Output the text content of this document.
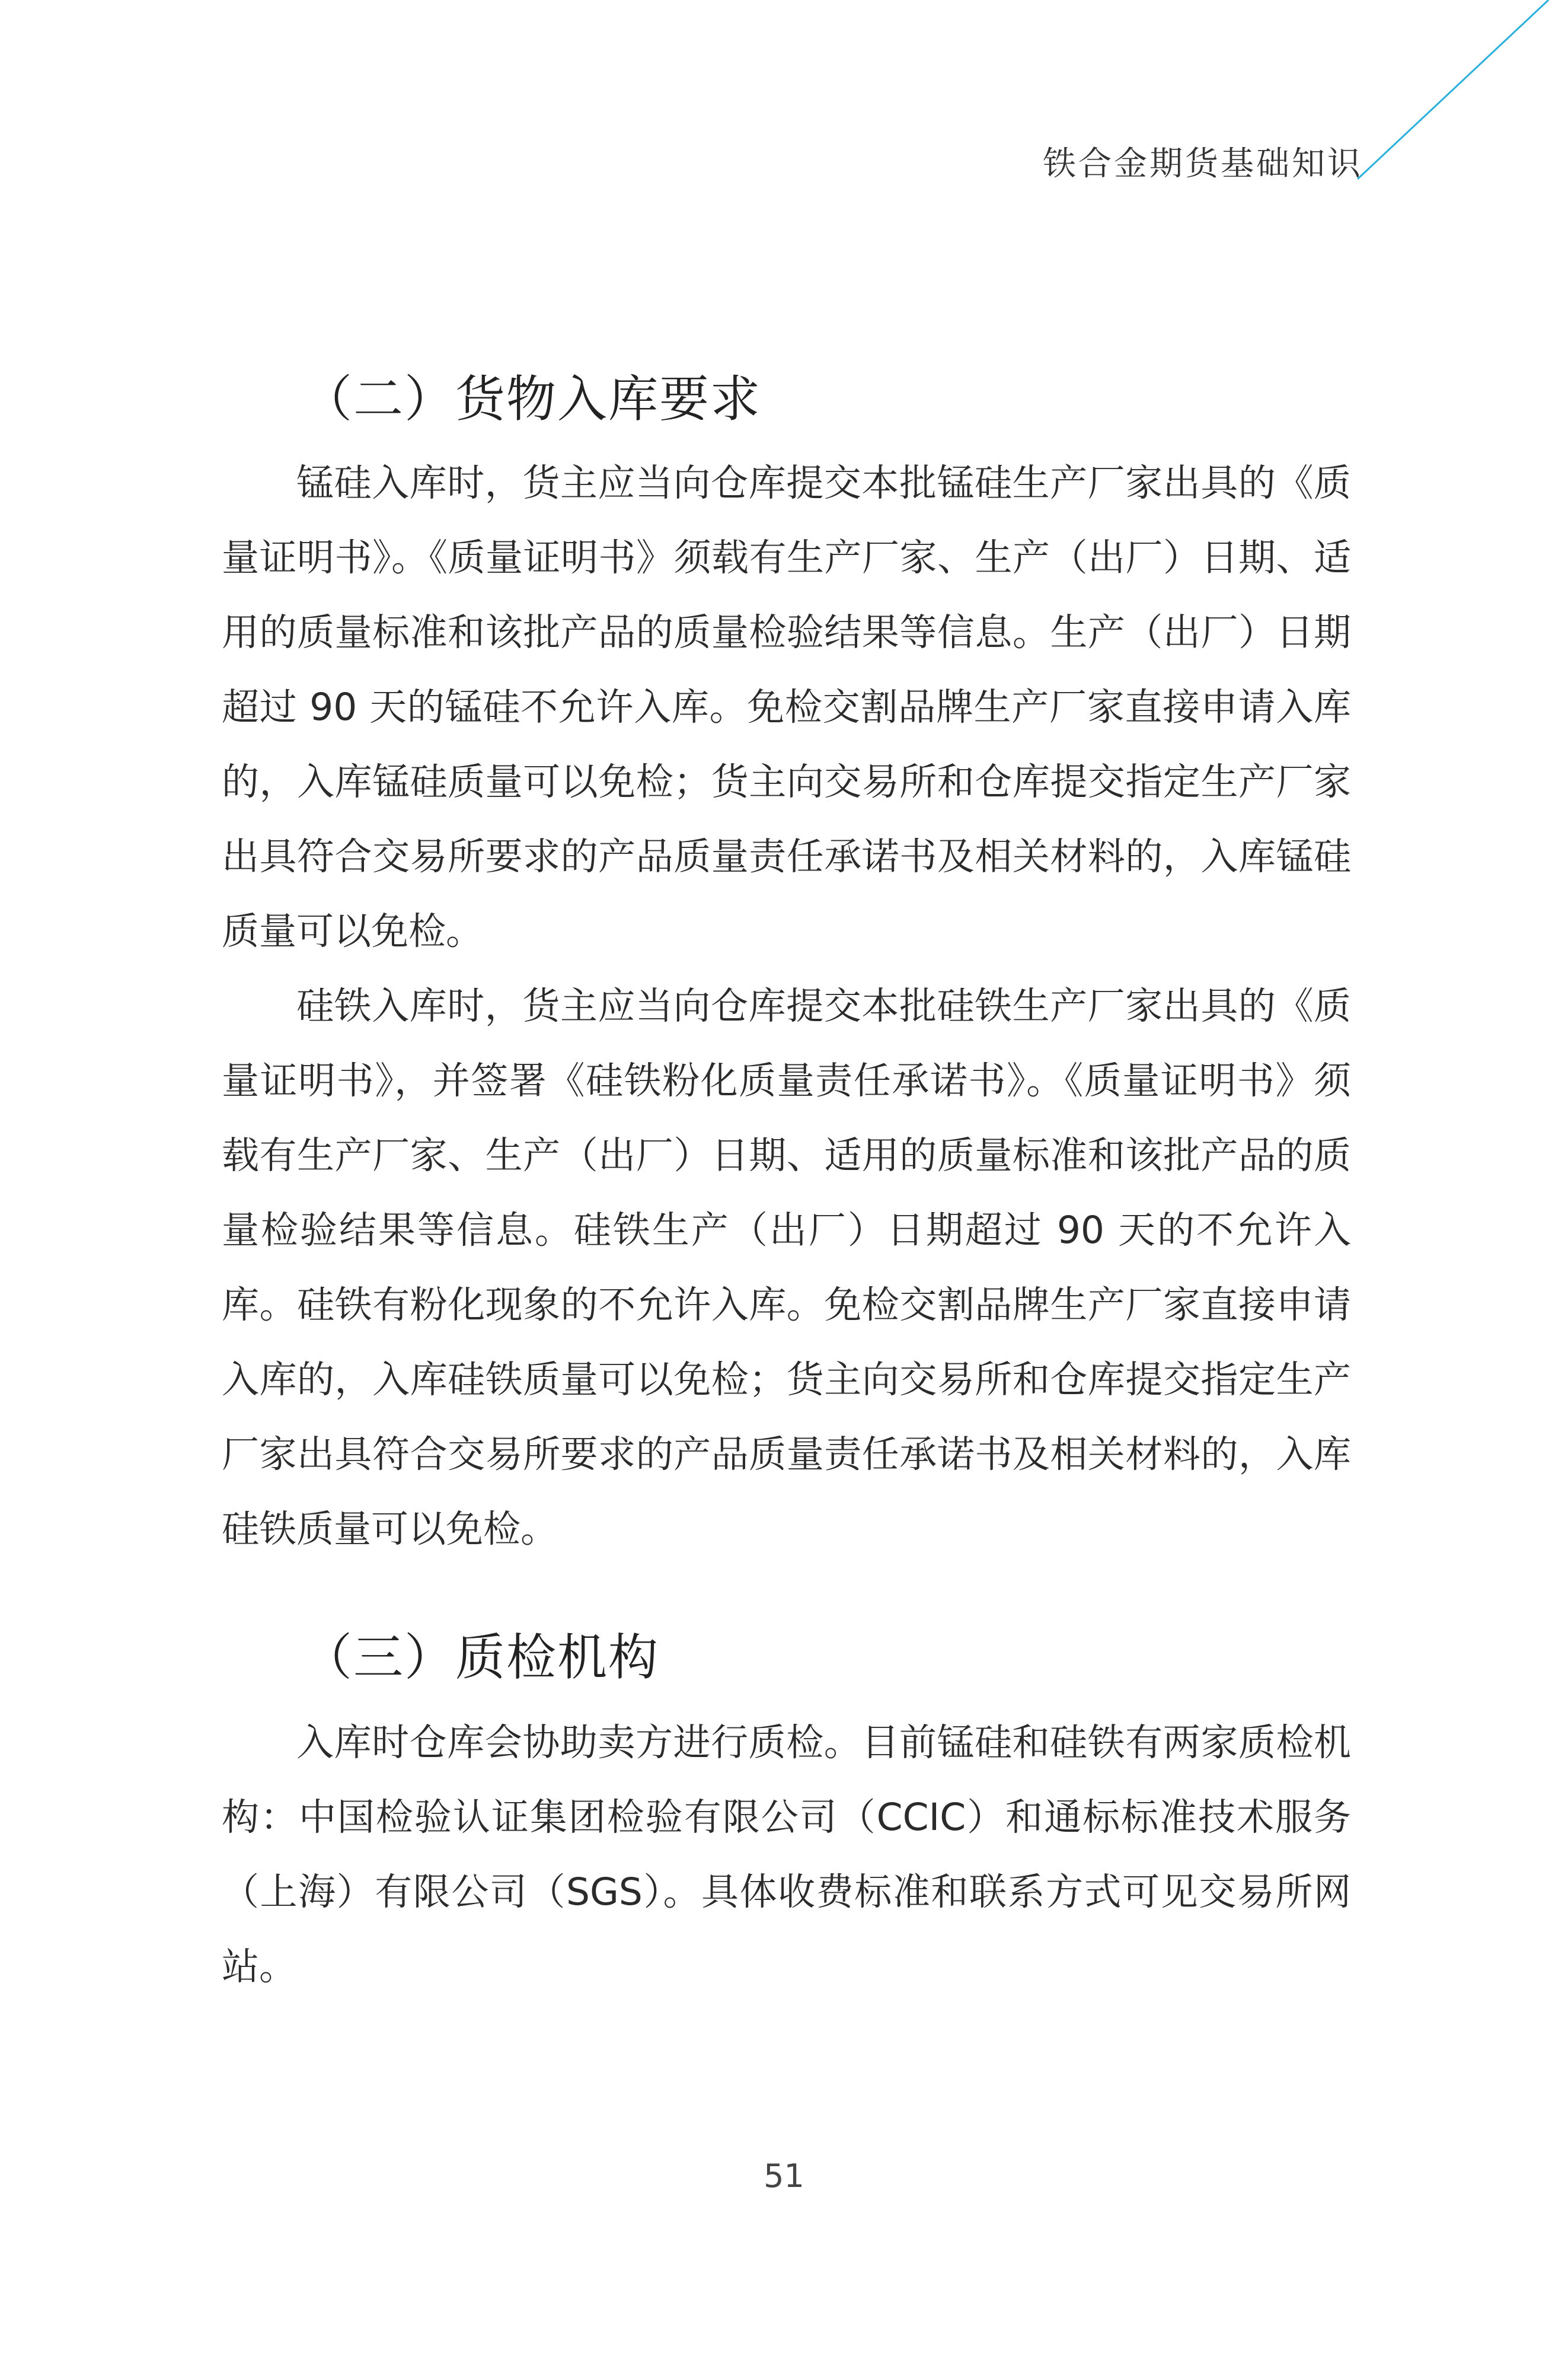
铁合金期货基础知识
（二）货物入库要求

锰硅入库时，货主应当向仓库提交本批锰硅生产厂家出具的《质量证明书》。《质量证明书》须载有生产厂家、生产（出厂）日期、适用的质量标准和该批产品的质量检验结果等信息。生产（出厂）日期超过 90 天的锰硅不允许入库。免检交割品牌生产厂家直接申请入库的，入库锰硅质量可以免检；货主向交易所和仓库提交指定生产厂家出具符合交易所要求的产品质量责任承诺书及相关材料的，入库锰硅质量可以免检。

硅铁入库时，货主应当向仓库提交本批硅铁生产厂家出具的《质量证明书》，并签署《硅铁粉化质量责任承诺书》。《质量证明书》须载有生产厂家、生产（出厂）日期、适用的质量标准和该批产品的质量检验结果等信息。硅铁生产（出厂）日期超过 90 天的不允许入库。硅铁有粉化现象的不允许入库。免检交割品牌生产厂家直接申请入库的，入库硅铁质量可以免检；货主向交易所和仓库提交指定生产厂家出具符合交易所要求的产品质量责任承诺书及相关材料的，入库硅铁质量可以免检。

（三）质检机构

入库时仓库会协助卖方进行质检。目前锰硅和硅铁有两家质检机构：中国检验认证集团检验有限公司（CCIC）和通标标准技术服务（上海）有限公司（SGS）。具体收费标准和联系方式可见交易所网站。

51
